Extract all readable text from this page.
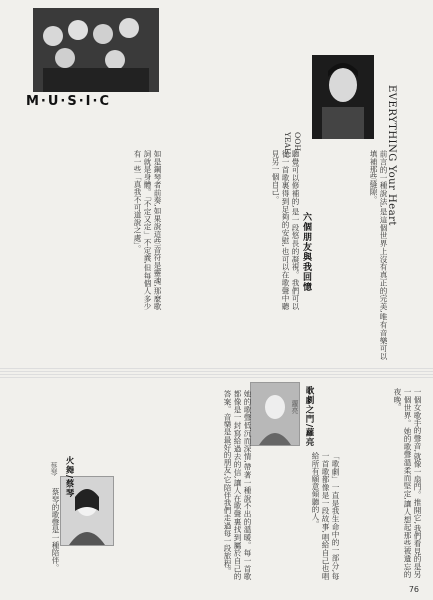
M·U·S·I·C	EVERYTHING Your Heart
OOH YEAH!
前言的一種說法,是這個世界上沒有真正的完美,唯有音樂可以填補那些縫隙。
六個朋友與我回憶
聽覺可以修補的,是一段悠長的凝視。我們可以從一首歌裏得到足夠的安慰,也可以在歌聲中聽見另一個自己。
如是鋼琴者前奏,如果說這些音符是靈魂,那麼歌詞就是身體。「不定又定」不定義,但每個人多少有一些「真我不可道說之處」。
一個女歌手的聲音,就像一扇門。推開它,我們看見的是另一個世界。她的歌聲溫柔而堅定,讓人想起那些被遺忘的夜晚。
歌劇之門/蘿亮
蘿亮
「歌劇」一直是我生命中的一部分,每一首歌都像是一段故事,唱給自己也唱給所有願意傾聽的人。
她的歌聲低沉而深情,帶著一種說不出的溫暖。每一首歌都像是一封寫給過去的信,讓人在歌聲裏找到屬於自己的答案。音樂是最好的朋友,它陪伴我們走過每一段旅程。
火舞/蔡琴
蔡琴
蔡琴的歌聲是一種陪伴。
76
